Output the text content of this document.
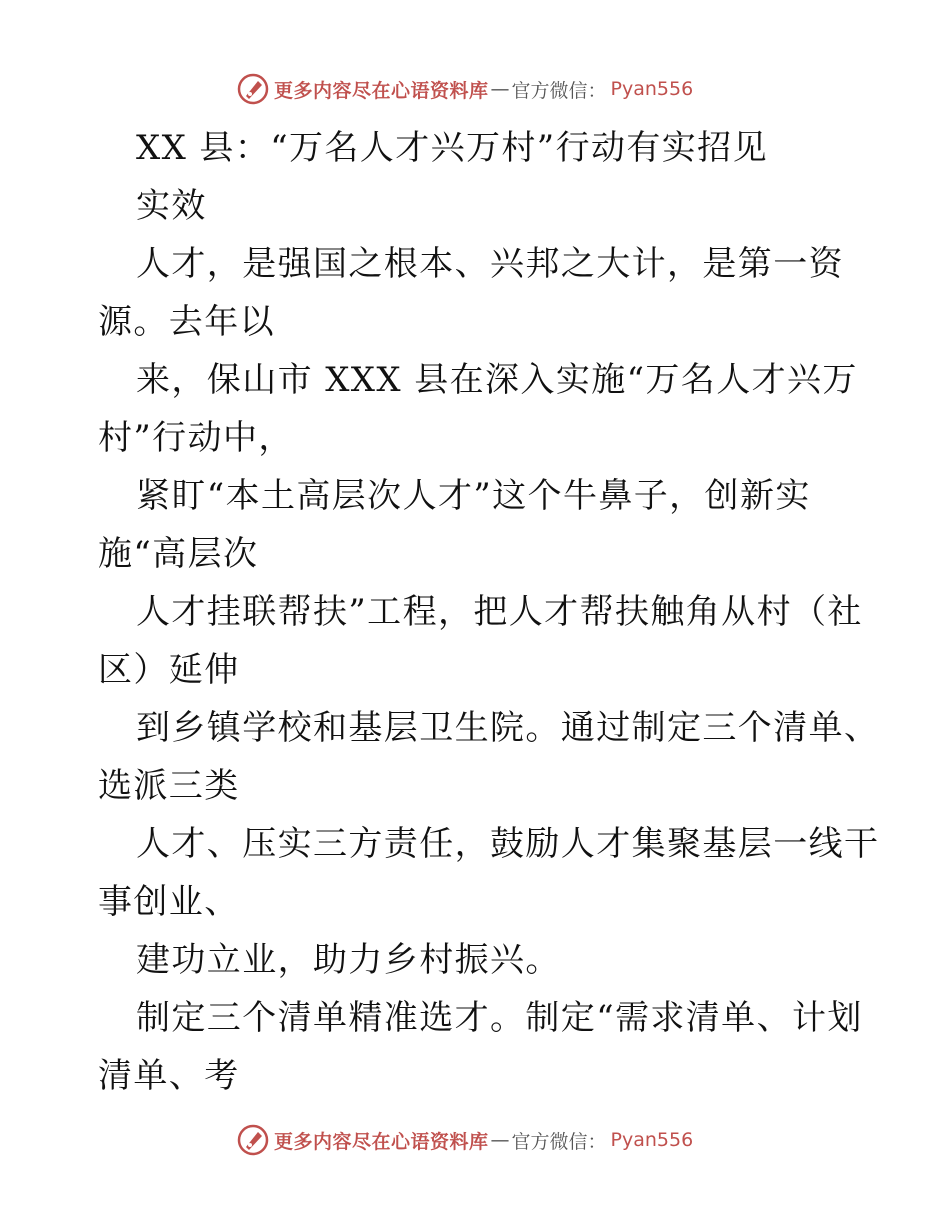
更多内容尽在心语资料库 — 官方微信： Pyan556
XX 县：“万名人才兴万村”行动有实招见
实效
人才，是强国之根本、兴邦之大计，是第一资
源。去年以
来，保山市 XXX 县在深入实施“万名人才兴万
村”行动中，
紧盯“本土高层次人才”这个牛鼻子，创新实
施“高层次
人才挂联帮扶”工程，把人才帮扶触角从村（社
区）延伸
到乡镇学校和基层卫生院。通过制定三个清单、
选派三类
人才、压实三方责任，鼓励人才集聚基层一线干
事创业、
建功立业，助力乡村振兴。
制定三个清单精准选才。制定“需求清单、计划
清单、考
更多内容尽在心语资料库 — 官方微信： Pyan556
